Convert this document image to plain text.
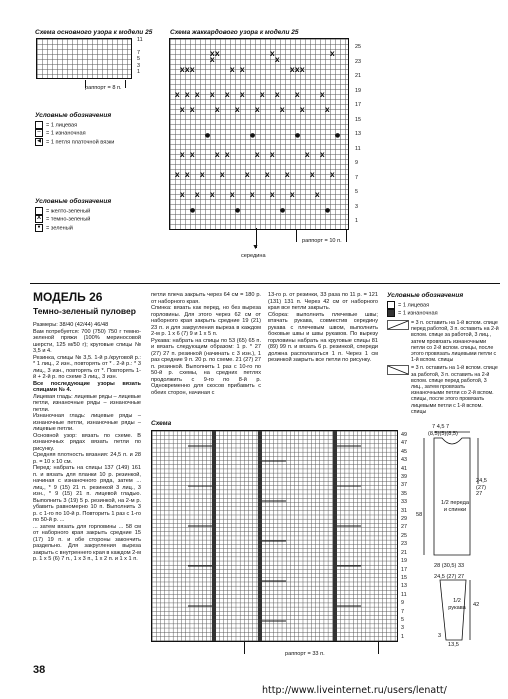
Схема основного узора к модели 25
11

7
5
3
1
раппорт = 8 п.
Условные обозначения
= 1 лицевая
– = 1 изнаночная
◀ = 1 петля платочной вязки
Условные обозначения
= желто-зеленый
X = темно-зеленый
● = зеленый
Схема жаккардового узора к модели 25
X X
X
X
X
X
X X X	X X	X X X
X X X X X X	X X	X	X
X X	X	X	X	X	X	X
●	●	●	●
X X	X X	X X	X X
X X X	X	X	X	X	X	X
X X X	X	X	X	X	X
●	●	●	●
25
23
21
19
17
15
13
11
9
7
5
3
1
▼
середина
раппорт = 10 п.
МОДЕЛЬ 26
Темно-зеленый пуловер
Размеры: 38/40 (42/44) 46/48
Вам потребуется: 700 (750) 750 г темно-зеленой пряжи (100% мериносовой шерсти, 125 м/50 г); круговые спицы № 3,5 и 4.
Резинка, спицы № 3,5. 1-й р./круговой р.: * 1 лиц., 2 изн., повторять от * . 2-й р.: * 3 лиц., 3 изн., повторять от *. Повторять 1-й + 2-й р. по схеме 3 лиц., 3 изн.
Все последующие узоры вязать спицами № 4.
Лицевая гладь: лицевые ряды – лицевые петли, изнаночные ряды – изнаночные петли.
Изнаночная гладь: лицевые ряды – изнаночные петли, изнаночные ряды – лицевые петли.
Основной узор: вязать по схеме. В изнаночных рядах вязать петли по рисунку.
Средняя плотность вязания: 24,5 п. и 28 р. = 10 х 10 см.
Перед: набрать на спицы 137 (149) 161 п. и вязать для планки 10 р. резинкой, начиная с изнаночного ряда, затем ... лиц., * 9 (15) 21 п. резинкой 3 лиц., 3 изн., * 9 (15) 21 п. лицевой гладью. Выполнить 3 (19) 5 р. резинкой, на 2-м р. убавить равномерно 10 п. Выполнить 3 р. с 1-го по 10-й р. Повторить 1 раз с 1-го по 50-й р. ...
... затем вязать для горловины ... 58 см от наборного края закрыть средние 15 (17) 19 п. и обе стороны закончить раздельно. Для закругления выреза закрыть с внутреннего края в каждом 2-м р. 1 х 5 (6) 7 п., 1 х 3 п., 1 х 2 п. и 1 х 1 п.
петли плеча закрыть через 64 см = 180 р. от наборного края.
Спинка: вязать как перед, но без выреза горловины. Для этого через 62 см от наборного края закрыть средние 19 (21) 23 п. и для закругления выреза в каждом 2-м р. 1 х 6 (7) 9 и 1 х 5 п.
Рукава: набрать на спицы по 53 (65) 65 п. и вязать следующим образом: 1 р. * 27 (27) 27 п. резинкой (начинать с 3 изн.), 1 раз средние 9 п. 20 р. по схеме. 21 (27) 27 п. резинкой. Выполнить 1 раз с 10-го по 50-й р. схемы, на средних петлях продолжить с 9-го по 8-й р. Одновременно для скосов прибавить с обеих сторон, начиная с
13-го р. от резинки, 33 раза по 11 р. = 121 (131) 131 п. Через 42 см от наборного края все петли закрыть.
Сборка: выполнить плечевые швы; втачать рукава, совместив середину рукава с плечевым швом, выполнить боковые швы и швы рукавов. По вырезу горловины набрать на круговые спицы 81 (89) 99 п. и вязать 6 р. резинкой, спереди должна располагаться 1 п. Через 1 см резинкой закрыть все петли по рисунку.
Условные обозначения
= 1 лицевая
= 1 изнаночная
= 3 п. оставить на 1-й вспом. спице перед работой, 3 п. оставить на 2-й вспом. спице за работой, 3 лиц., затем провязать изнаночными петли со 2-й вспом. спицы, после этого провязать лицевыми петли с 1-й вспом. спицы
= 3 п. оставить на 1-й вспом. спице за работой, 3 п. оставить на 2-й вспом. спице перед работой, 3 лиц., затем провязать изнаночными петли со 2-й вспом. спицы, после этого провязать лицевыми петли с 1-й вспом. спицы
Схема
49
47
45
43
41
39
37
35
33
31
29
27
25
23
21
19
17
15
13
11
9
7
5
3
1
раппорт = 33 п.
7 4,5 7
(8,5)(5)(8,5)
24,5
(27)
27
58
1/2 переда и спинки
28 (30,5) 33
24,5 (27) 27
1/2 рукава 42
13,5
3
38
http://www.liveinternet.ru/users/lenatt/
